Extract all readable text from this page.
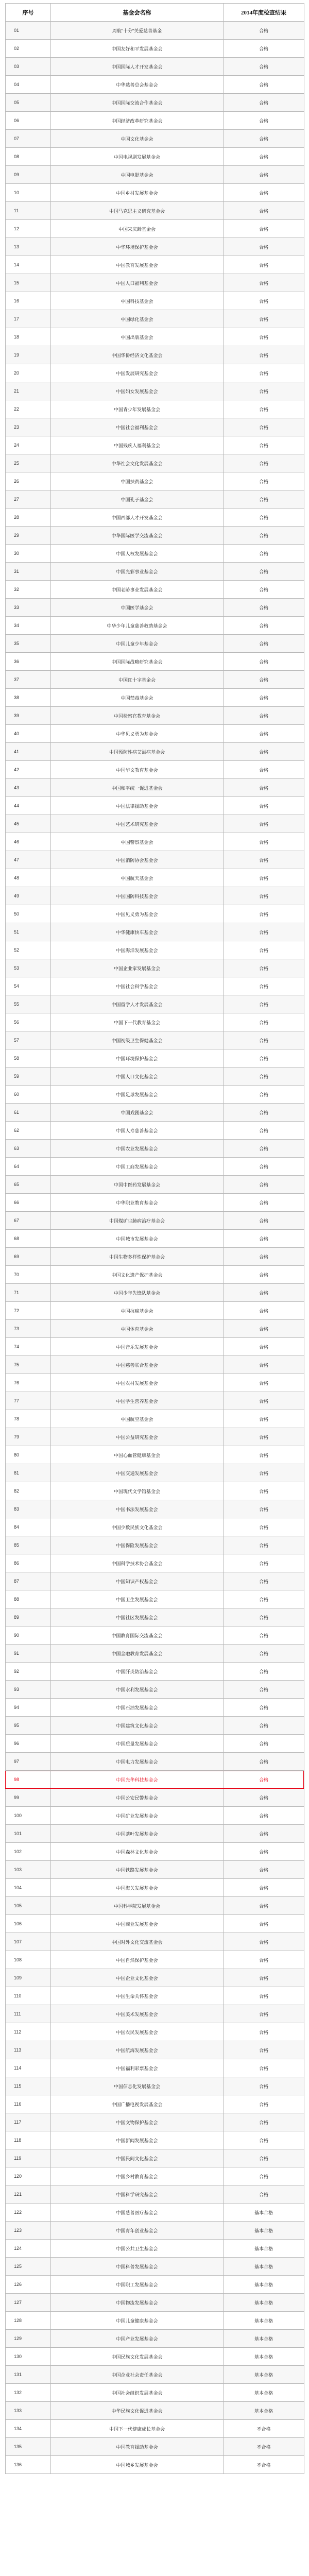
序号	基金会名称	2014年度检查结果
01	周航"十分"关爱慈善基金	合格
02	中国友好和平发展基金会	合格
03	中国国际人才开发基金会	合格
04	中华慈善总会基金会	合格
05	中国国际交流合作基金会	合格
06	中国经济改革研究基金会	合格
07	中国文化基金会	合格
08	中国电视剧发展基金会	合格
09	中国电影基金会	合格
10	中国乡村发展基金会	合格
11	中国马克思主义研究基金会	合格
12	中国宋庆龄基金会	合格
13	中华环境保护基金会	合格
14	中国教育发展基金会	合格
15	中国人口福利基金会	合格
16	中国科技基金会	合格
17	中国绿化基金会	合格
18	中国出版基金会	合格
19	中国华侨经济文化基金会	合格
20	中国发展研究基金会	合格
21	中国妇女发展基金会	合格
22	中国青少年发展基金会	合格
23	中国社会福利基金会	合格
24	中国残疾人福利基金会	合格
25	中华社会文化发展基金会	合格
26	中国扶贫基金会	合格
27	中国孔子基金会	合格
28	中国西部人才开发基金会	合格
29	中华国际医学交流基金会	合格
30	中国人权发展基金会	合格
31	中国光彩事业基金会	合格
32	中国老龄事业发展基金会	合格
33	中国医学基金会	合格
34	中华少年儿童慈善救助基金会	合格
35	中国儿童少年基金会	合格
36	中国国际战略研究基金会	合格
37	中国红十字基金会	合格
38	中国禁毒基金会	合格
39	中国检察官教育基金会	合格
40	中华见义勇为基金会	合格
41	中国预防性病艾滋病基金会	合格
42	中国华文教育基金会	合格
43	中国和平统一促进基金会	合格
44	中国法律援助基金会	合格
45	中国艺术研究基金会	合格
46	中国警察基金会	合格
47	中国消防协会基金会	合格
48	中国航天基金会	合格
49	中国国防科技基金会	合格
50	中国见义勇为基金会	合格
51	中华健康快车基金会	合格
52	中国海洋发展基金会	合格
53	中国企业家发展基金会	合格
54	中国社会科学基金会	合格
55	中国留学人才发展基金会	合格
56	中国下一代教育基金会	合格
57	中国初级卫生保健基金会	合格
58	中国环境保护基金会	合格
59	中国人口文化基金会	合格
60	中国足球发展基金会	合格
61	中国戏剧基金会	合格
62	中国人寿慈善基金会	合格
63	中国农业发展基金会	合格
64	中国工商发展基金会	合格
65	中国中医药发展基金会	合格
66	中华职业教育基金会	合格
67	中国煤矿尘肺病治疗基金会	合格
68	中国城市发展基金会	合格
69	中国生物多样性保护基金会	合格
70	中国文化遗产保护基金会	合格
71	中国少年先锋队基金会	合格
72	中国抗癌基金会	合格
73	中国体育基金会	合格
74	中国音乐发展基金会	合格
75	中国慈善联合基金会	合格
76	中国农村发展基金会	合格
77	中国学生营养基金会	合格
78	中国航空基金会	合格
79	中国公益研究基金会	合格
80	中国心血管健康基金会	合格
81	中国交通发展基金会	合格
82	中国现代文学馆基金会	合格
83	中国书法发展基金会	合格
84	中国少数民族文化基金会	合格
85	中国保险发展基金会	合格
86	中国科学技术协会基金会	合格
87	中国知识产权基金会	合格
88	中国卫生发展基金会	合格
89	中国社区发展基金会	合格
90	中国教育国际交流基金会	合格
91	中国金融教育发展基金会	合格
92	中国肝炎防治基金会	合格
93	中国水利发展基金会	合格
94	中国石油发展基金会	合格
95	中国建筑文化基金会	合格
96	中国质量发展基金会	合格
97	中国电力发展基金会	合格
98	中国光华科技基金会	合格
99	中国公安民警基金会	合格
100	中国矿业发展基金会	合格
101	中国茶叶发展基金会	合格
102	中国森林文化基金会	合格
103	中国铁路发展基金会	合格
104	中国海关发展基金会	合格
105	中国科学院发展基金会	合格
106	中国商业发展基金会	合格
107	中国对外文化交流基金会	合格
108	中国自然保护基金会	合格
109	中国企业文化基金会	合格
110	中国生命关怀基金会	合格
111	中国美术发展基金会	合格
112	中国农民发展基金会	合格
113	中国航海发展基金会	合格
114	中国福利彩票基金会	合格
115	中国信息化发展基金会	合格
116	中国广播电视发展基金会	合格
117	中国文物保护基金会	合格
118	中国新闻发展基金会	合格
119	中国民间文化基金会	合格
120	中国乡村教育基金会	合格
121	中国科学研究基金会	合格
122	中国慈善医疗基金会	基本合格
123	中国青年创业基金会	基本合格
124	中国公共卫生基金会	基本合格
125	中国科普发展基金会	基本合格
126	中国职工发展基金会	基本合格
127	中国物流发展基金会	基本合格
128	中国儿童健康基金会	基本合格
129	中国产业发展基金会	基本合格
130	中国民族文化发展基金会	基本合格
131	中国企业社会责任基金会	基本合格
132	中国社会组织发展基金会	基本合格
133	中华民族文化促进基金会	基本合格
134	中国下一代健康成长基金会	不合格
135	中国教育援助基金会	不合格
136	中国城乡发展基金会	不合格
